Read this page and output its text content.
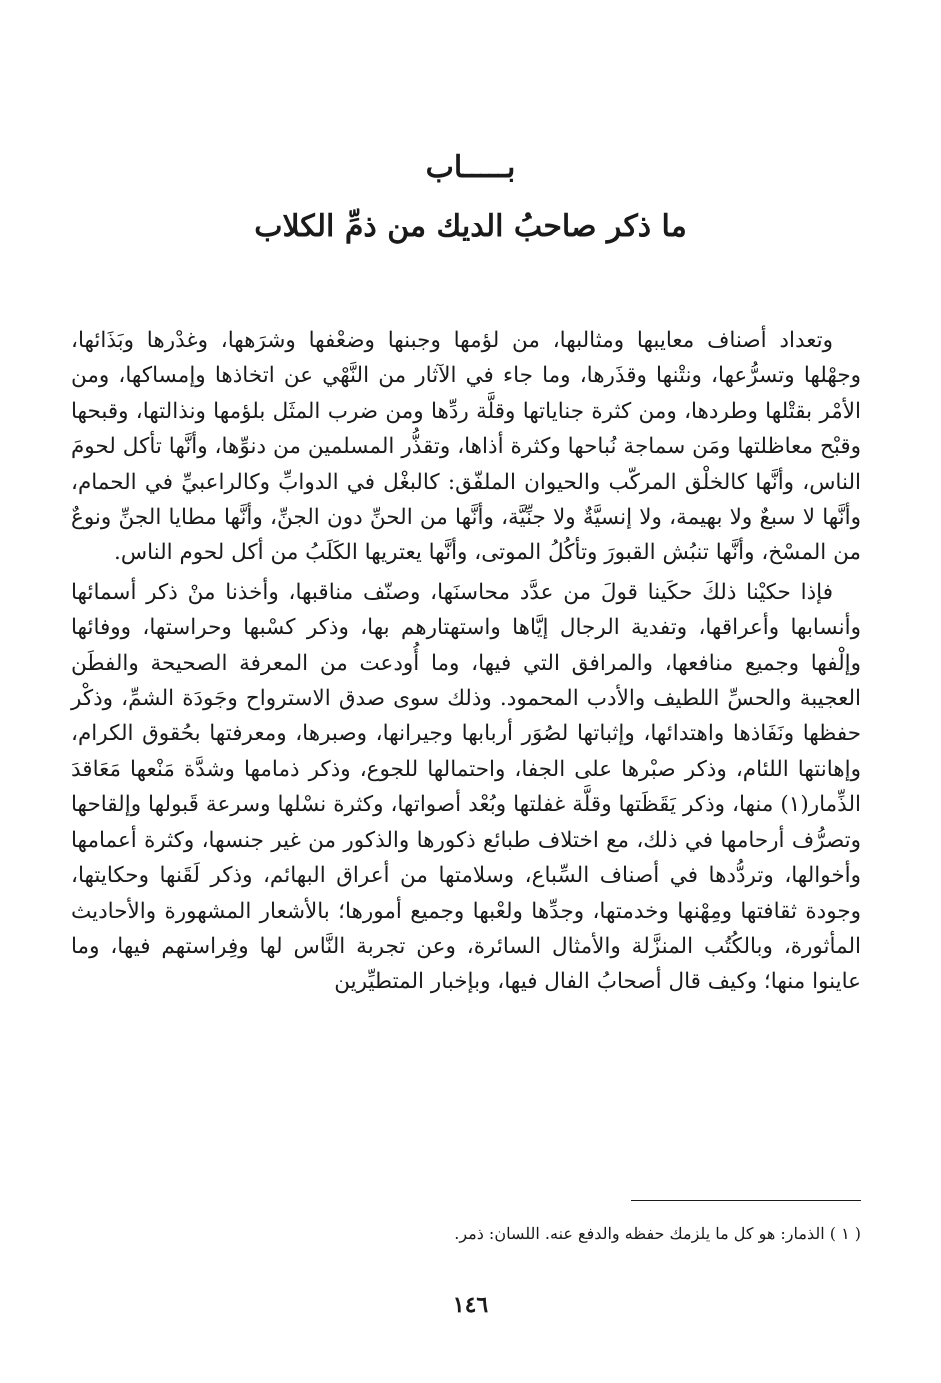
بـــــاب
ما ذكر صاحبُ الديك من ذمِّ الكلاب

وتعداد أصناف معايبها ومثالبها، من لؤمها وجبنها وضعْفها وشرَهها، وغدْرها وبَذَائها، وجهْلها وتسرُّعها، ونتْنها وقذَرها، وما جاء في الآثار من النَّهْي عن اتخاذها وإمساكها، ومن الأمْر بقتْلها وطردها، ومن كثرة جناياتها وقلَّة ردِّها ومن ضرب المثَل بلؤمها ونذالتها، وقبحها وقبْح معاظلتها ومَن سماجة نُباحها وكثرة أذاها، وتقذُّر المسلمين من دنوِّها، وأنَّها تأكل لحومَ الناس، وأنَّها كالخلْق المركّب والحيوان الملفّق: كالبغْل في الدوابِّ وكالراعبيِّ في الحمام، وأنَّها لا سبعٌ ولا بهيمة، ولا إنسيَّةٌ ولا جنِّيَّة، وأنَّها من الحنِّ دون الجنِّ، وأنَّها مطايا الجنِّ ونوعٌ من المسْخ، وأنَّها تنبُش القبورَ وتأكُلُ الموتى، وأنَّها يعتريها الكَلَبُ من أكل لحوم الناس.

فإذا حكيْنا ذلكَ حكَينا قولَ من عدَّد محاسنَها، وصنّف مناقبها، وأخذنا منْ ذكر أسمائها وأنسابها وأعراقها، وتفدية الرجال إيَّاها واستهتارهم بها، وذكر كسْبها وحراستها، ووفائها وإلْفها وجميع منافعها، والمرافق التي فيها، وما أُودعت من المعرفة الصحيحة والفطَن العجيبة والحسِّ اللطيف والأدب المحمود. وذلك سوى صدق الاسترواح وجَودَة الشمِّ، وذكْر حفظها ونَفَاذها واهتدائها، وإثباتها لصُوَر أربابها وجيرانها، وصبرها، ومعرفتها بحُقوق الكرام، وإهانتها اللئام، وذكر صبْرها على الجفا، واحتمالها للجوع، وذكر ذمامها وشدَّة مَنْعها مَعَاقدَ الذِّمار(١) منها، وذكر يَقَظَتها وقلَّة غفلتها وبُعْد أصواتها، وكثرة نسْلها وسرعة قَبولها وإلقاحها وتصرُّف أرحامها في ذلك، مع اختلاف طبائع ذكورها والذكور من غير جنسها، وكثرة أعمامها وأخوالها، وتردُّدها في أصناف السِّباع، وسلامتها من أعراق البهائم، وذكر لَقَنها وحكايتها، وجودة ثقافتها ومِهْنها وخدمتها، وجدِّها ولعْبها وجميع أمورها؛ بالأشعار المشهورة والأحاديث المأثورة، وبالكُتُب المنزَّلة والأمثال السائرة، وعن تجربة النَّاس لها وفِراستهم فيها، وما عاينوا منها؛ وكيف قال أصحابُ الفال فيها، وبإخبار المتطيِّرين

( ١ ) الذمار: هو كل ما يلزمك حفظه والدفع عنه. اللسان: ذمر.

١٤٦
